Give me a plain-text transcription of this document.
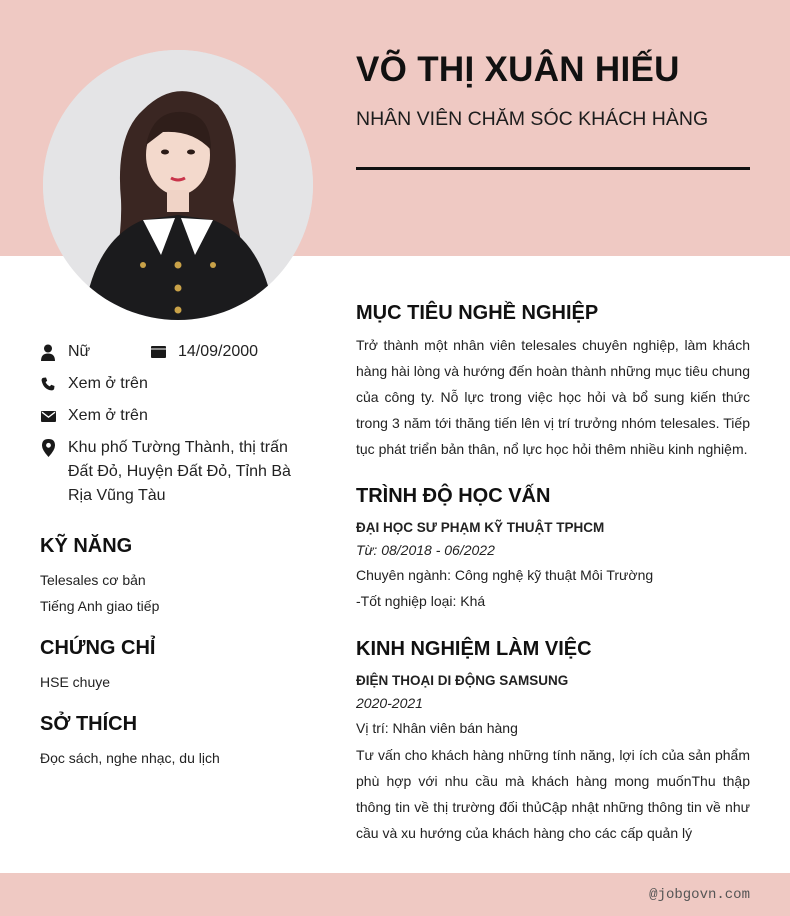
VÕ THỊ XUÂN HIẾU
NHÂN VIÊN CHĂM SÓC KHÁCH HÀNG
Nữ	14/09/2000
Xem ở trên
Xem ở trên
Khu phố Tường Thành, thị trấn Đất Đỏ, Huyện Đất Đỏ, Tỉnh Bà Rịa Vũng Tàu
KỸ NĂNG
Telesales cơ bản
Tiếng Anh giao tiếp
CHỨNG CHỈ
HSE chuye
SỞ THÍCH
Đọc sách, nghe nhạc, du lịch
MỤC TIÊU NGHỀ NGHIỆP
Trở thành một nhân viên telesales chuyên nghiệp, làm khách hàng hài lòng và hướng đến hoàn thành những mục tiêu chung của công ty. Nỗ lực trong việc học hỏi và bổ sung kiến thức trong 3 năm tới thăng tiến lên vị trí trưởng nhóm telesales. Tiếp tục phát triển bản thân, nổ lực học hỏi thêm nhiều kinh nghiệm.
TRÌNH ĐỘ HỌC VẤN
ĐẠI HỌC SƯ PHẠM KỸ THUẬT TPHCM
Từ: 08/2018 - 06/2022
Chuyên ngành: Công nghệ kỹ thuật Môi Trường
-Tốt nghiệp loại: Khá
KINH NGHIỆM LÀM VIỆC
ĐIỆN THOẠI DI ĐỘNG SAMSUNG
2020-2021
Vị trí: Nhân viên bán hàng
Tư vấn cho khách hàng những tính năng, lợi ích của sản phẩm phù hợp với nhu cầu mà khách hàng mong muốnThu thập thông tin về thị trường đối thủCập nhật những thông tin về như cầu và xu hướng của khách hàng cho các cấp quản lý
@jobgovn.com
